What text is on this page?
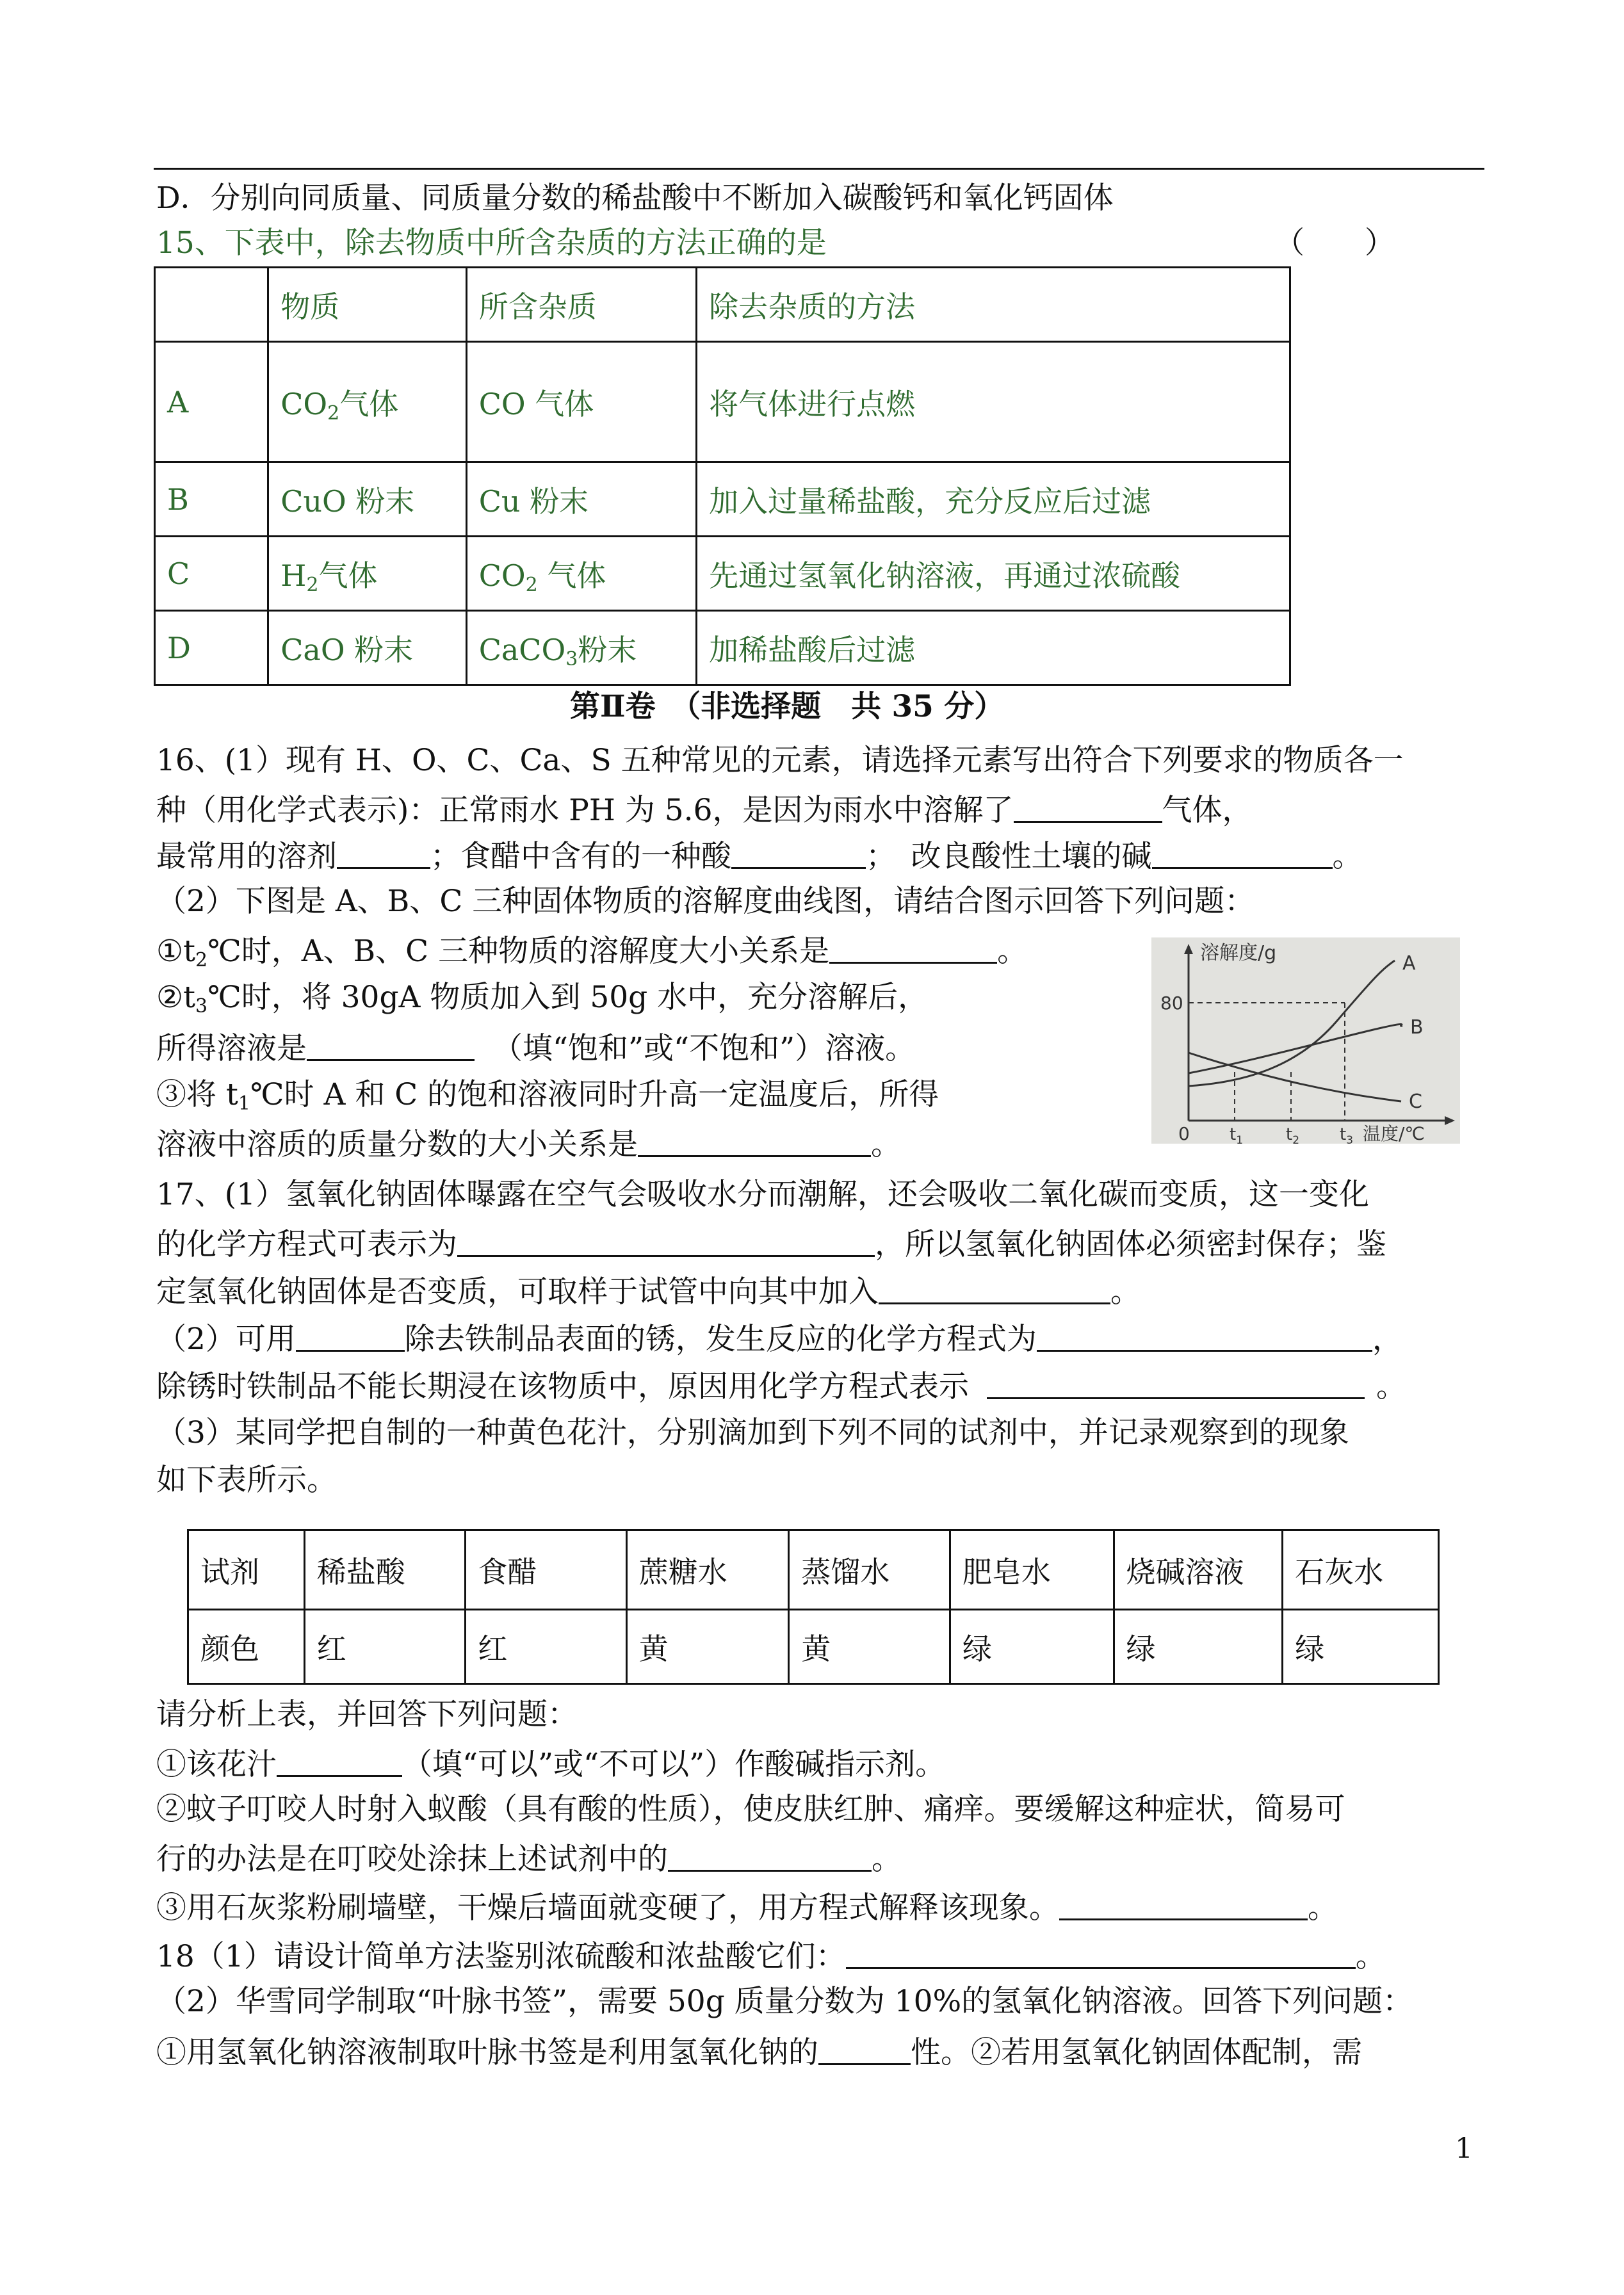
D．分别向同质量、同质量分数的稀盐酸中不断加入碳酸钙和氧化钙固体
15、下表中，除去物质中所含杂质的方法正确的是	（　　）
	物质	所含杂质	除去杂质的方法
A	$CO_2$气体	CO 气体	将气体进行点燃
B	CuO 粉末	Cu 粉末	加入过量稀盐酸，充分反应后过滤
C	$H_2$气体	$CO_2$ 气体	先通过氢氧化钠溶液，再通过浓硫酸
D	CaO 粉末	CaCO$_3$粉末	加稀盐酸后过滤
第Ⅱ卷　（非选择题　共 35 分）
16、(1）现有 H、O、C、Ca、S 五种常见的元素，请选择元素写出符合下列要求的物质各一
种（用化学式表示)：正常雨水 PH 为 5.6，是因为雨水中溶解了	气体，
最常用的溶剂	；食醋中含有的一种酸	；　改良酸性土壤的碱	。
（2）下图是 A、B、C 三种固体物质的溶解度曲线图，请结合图示回答下列问题：
$①t_2℃$时，A、B、C 三种物质的溶解度大小关系是	。
$②t_3℃$时，将 30gA 物质加入到 50g 水中，充分溶解后，
所得溶液是	（填“饱和”或“不饱和”）溶液。
③将 $t_1℃$时 A 和 C 的饱和溶液同时升高一定温度后，所得
溶液中溶质的质量分数的大小关系是	。	$t_1$	$t_2$ $t_3$
A
B
C
溶解度/g
80
0	温度/℃
17、(1）氢氧化钠固体曝露在空气会吸收水分而潮解，还会吸收二氧化碳而变质，这一变化
的化学方程式可表示为	，所以氢氧化钠固体必须密封保存；鉴
定氢氧化钠固体是否变质，可取样于试管中向其中加入	。
（2）可用	除去铁制品表面的锈，发生反应的化学方程式为	，
除锈时铁制品不能长期浸在该物质中，原因用化学方程式表示	。
（3）某同学把自制的一种黄色花汁，分别滴加到下列不同的试剂中，并记录观察到的现象
如下表所示。
试剂	稀盐酸	食醋	蔗糖水	蒸馏水	肥皂水	烧碱溶液	石灰水
颜色	红	红	黄	黄	绿	绿	绿
请分析上表，并回答下列问题：
①该花汁	（填“可以”或“不可以”）作酸碱指示剂。
②蚊子叮咬人时射入蚁酸（具有酸的性质），使皮肤红肿、痛痒。要缓解这种症状，简易可
行的办法是在叮咬处涂抹上述试剂中的	。
③用石灰浆粉刷墙壁，干燥后墙面就变硬了，用方程式解释该现象。	。
18（1）请设计简单方法鉴别浓硫酸和浓盐酸它们：	。
（2）华雪同学制取“叶脉书签”，需要 50g 质量分数为 10%的氢氧化钠溶液。回答下列问题：
①用氢氧化钠溶液制取叶脉书签是利用氢氧化钠的	性。②若用氢氧化钠固体配制，需
1
